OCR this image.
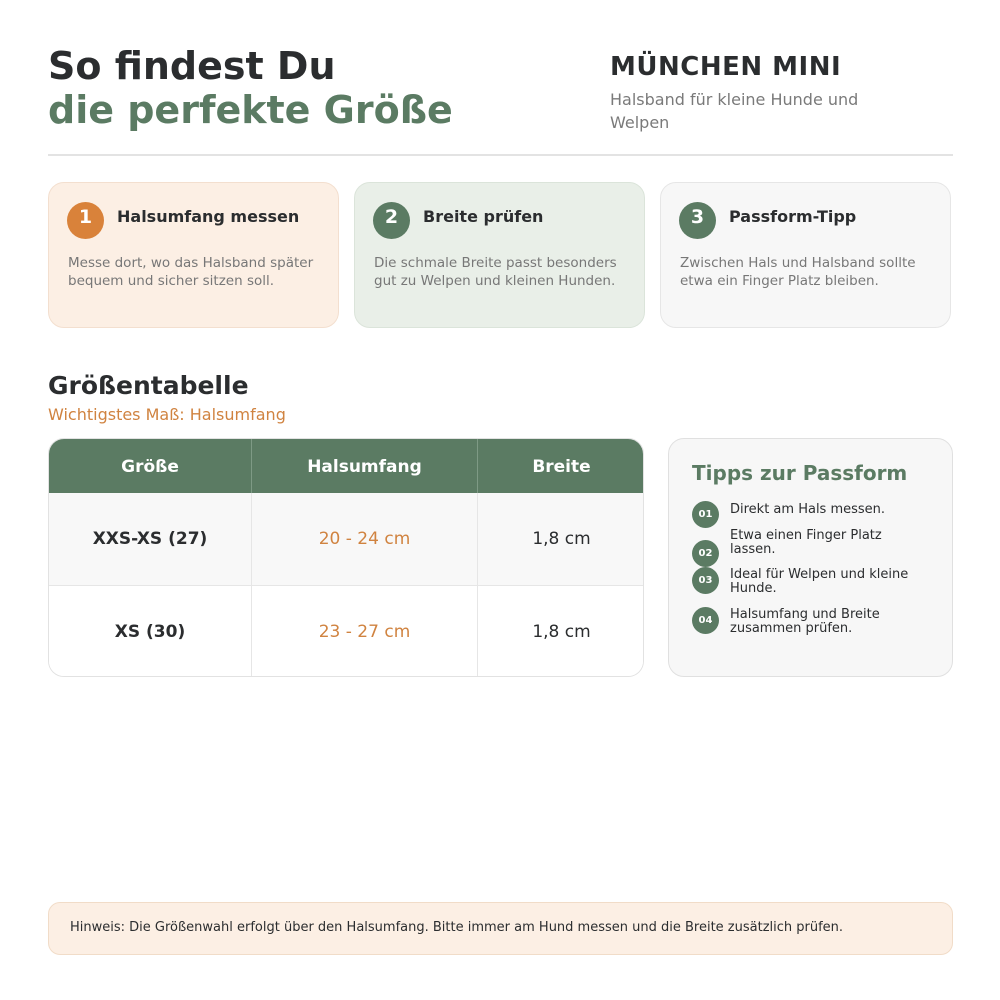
So findest Du
die perfekte Größe
MÜNCHEN MINI
Halsband für kleine Hunde und Welpen
1	Halsumfang messen
Messe dort, wo das Halsband später bequem und sicher sitzen soll.
2	Breite prüfen
Die schmale Breite passt besonders gut zu Welpen und kleinen Hunden.
3	Passform-Tipp
Zwischen Hals und Halsband sollte etwa ein Finger Platz bleiben.
Größentabelle
Wichtigstes Maß: Halsumfang
Größe	Halsumfang	Breite
XXS-XS (27)	20 - 24 cm	1,8 cm
XS (30)	23 - 27 cm	1,8 cm
Tipps zur Passform
01	Direkt am Hals messen.
02
Etwa einen Finger Platz lassen.
03	Ideal für Welpen und kleine Hunde.
04	Halsumfang und Breite zusammen prüfen.
Hinweis: Die Größenwahl erfolgt über den Halsumfang. Bitte immer am Hund messen und die Breite zusätzlich prüfen.
